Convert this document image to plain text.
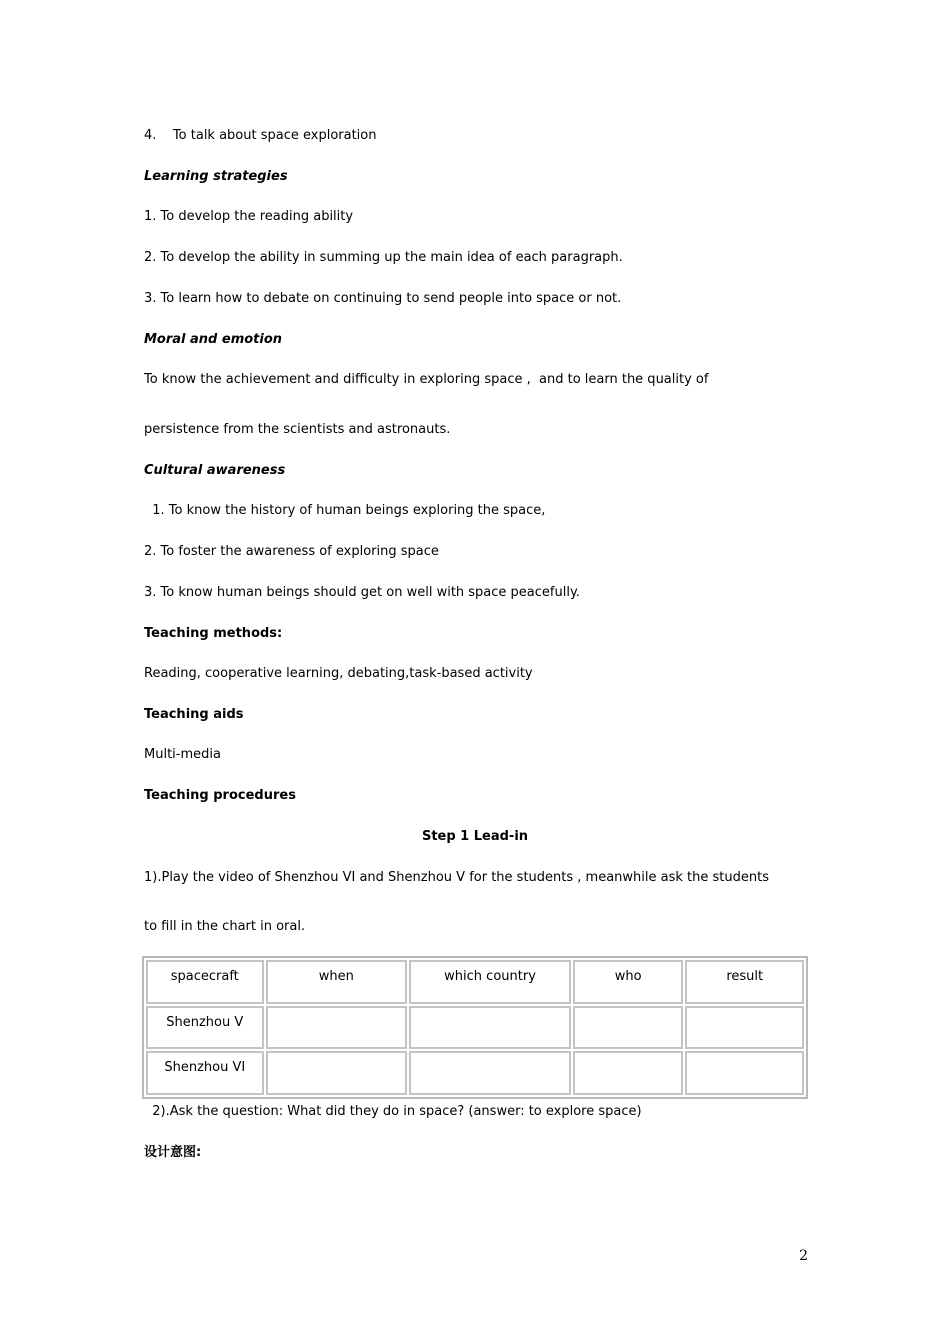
4.    To talk about space exploration
Learning strategies
1. To develop the reading ability
2. To develop the ability in summing up the main idea of each paragraph.
3. To learn how to debate on continuing to send people into space or not.
Moral and emotion
To know the achievement and difficulty in exploring space ,  and to learn the quality of
persistence from the scientists and astronauts.
Cultural awareness
1. To know the history of human beings exploring the space,
2. To foster the awareness of exploring space
3. To know human beings should get on well with space peacefully.
Teaching methods:
Reading, cooperative learning, debating,task-based activity
Teaching aids
Multi-media
Teaching procedures
Step 1 Lead-in
1).Play the video of Shenzhou VI and Shenzhou V for the students , meanwhile ask the students
to fill in the chart in oral.
spacecraft	when	which country	who	result
Shenzhou V				
Shenzhou VI				
2).Ask the question: What did they do in space? (answer: to explore space)
设计意图:
2
